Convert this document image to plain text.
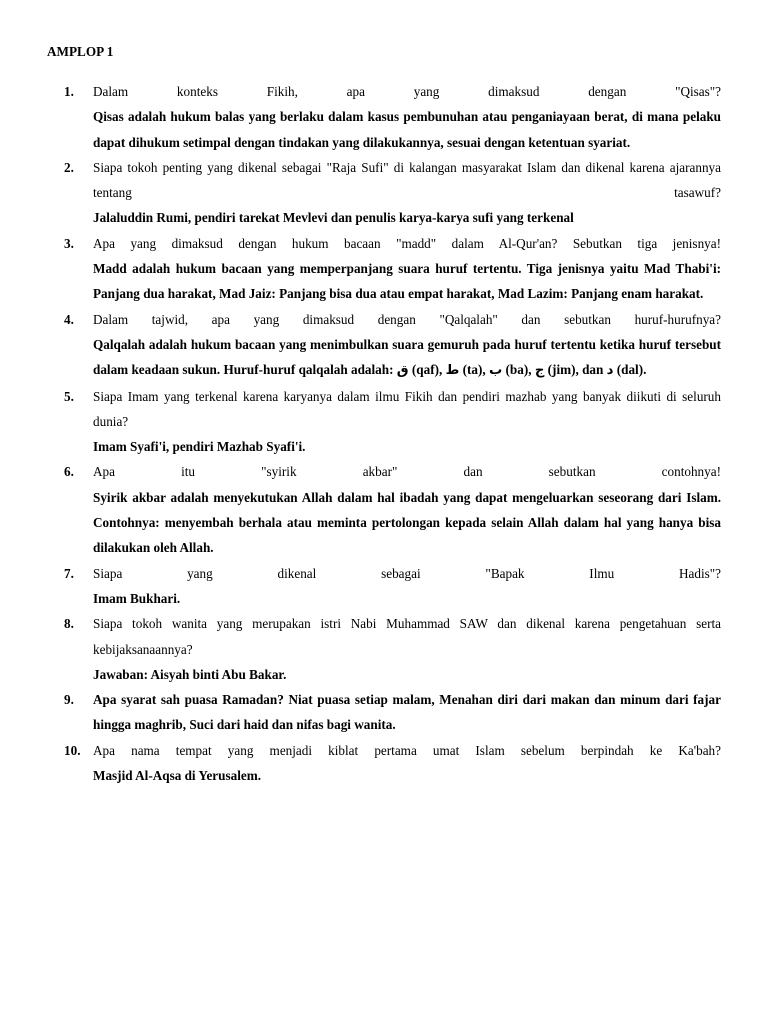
AMPLOP 1
1.	Dalam konteks Fikih, apa yang dimaksud dengan "Qisas"?
Qisas adalah hukum balas yang berlaku dalam kasus pembunuhan atau penganiayaan berat, di mana pelaku dapat dihukum setimpal dengan tindakan yang dilakukannya, sesuai dengan ketentuan syariat.
2.	Siapa tokoh penting yang dikenal sebagai "Raja Sufi" di kalangan masyarakat Islam dan dikenal karena ajarannya tentang tasawuf?
Jalaluddin Rumi, pendiri tarekat Mevlevi dan penulis karya-karya sufi yang terkenal
3.	Apa yang dimaksud dengan hukum bacaan "madd" dalam Al-Qur'an? Sebutkan tiga jenisnya!
Madd adalah hukum bacaan yang memperpanjang suara huruf tertentu. Tiga jenisnya yaitu Mad Thabi'i: Panjang dua harakat, Mad Jaiz: Panjang bisa dua atau empat harakat, Mad Lazim: Panjang enam harakat.
4.	Dalam tajwid, apa yang dimaksud dengan "Qalqalah" dan sebutkan huruf-hurufnya?
Qalqalah adalah hukum bacaan yang menimbulkan suara gemuruh pada huruf tertentu ketika huruf tersebut dalam keadaan sukun. Huruf-huruf qalqalah adalah: ق (qaf), ط (ta), ب (ba), ج (jim), dan د (dal).
5.	Siapa Imam yang terkenal karena karyanya dalam ilmu Fikih dan pendiri mazhab yang banyak diikuti di seluruh dunia?
Imam Syafi'i, pendiri Mazhab Syafi'i.
6.	Apa itu "syirik akbar" dan sebutkan contohnya!
Syirik akbar adalah menyekutukan Allah dalam hal ibadah yang dapat mengeluarkan seseorang dari Islam. Contohnya: menyembah berhala atau meminta pertolongan kepada selain Allah dalam hal yang hanya bisa dilakukan oleh Allah.
7.	Siapa yang dikenal sebagai "Bapak Ilmu Hadis"?
Imam Bukhari.
8.	Siapa tokoh wanita yang merupakan istri Nabi Muhammad SAW dan dikenal karena pengetahuan serta kebijaksanaannya?
Jawaban: Aisyah binti Abu Bakar.
9.	Apa syarat sah puasa Ramadan? Niat puasa setiap malam, Menahan diri dari makan dan minum dari fajar hingga maghrib, Suci dari haid dan nifas bagi wanita.
10. Apa nama tempat yang menjadi kiblat pertama umat Islam sebelum berpindah ke Ka'bah?
Masjid Al-Aqsa di Yerusalem.
